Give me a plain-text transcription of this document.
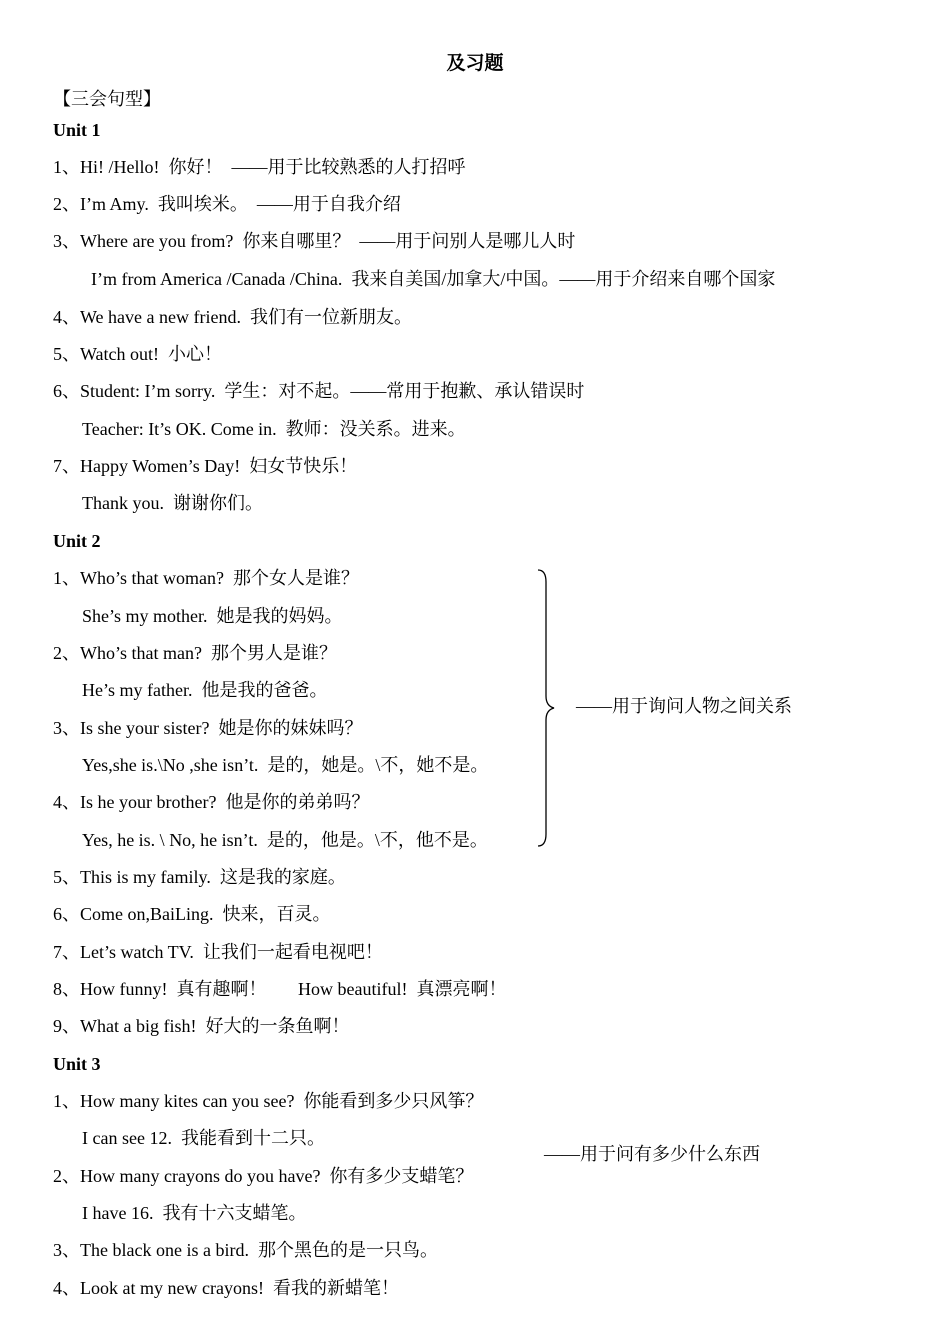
及习题
【三会句型】
Unit 1
1、Hi! /Hello!  你好！  ——用于比较熟悉的人打招呼
2、I’m Amy.  我叫埃米。  ——用于自我介绍
3、Where are you from?  你来自哪里？  ——用于问别人是哪儿人时
I’m from America /Canada /China.  我来自美国/加拿大/中国。——用于介绍来自哪个国家
4、We have a new friend.  我们有一位新朋友。
5、Watch out!  小心！
6、Student: I’m sorry.  学生：对不起。——常用于抱歉、承认错误时
Teacher: It’s OK. Come in.  教师：没关系。进来。
7、Happy Women’s Day!  妇女节快乐！
Thank you.  谢谢你们。
Unit 2
1、Who’s that woman?  那个女人是谁？
She’s my mother.  她是我的妈妈。
2、Who’s that man?  那个男人是谁？
He’s my father.  他是我的爸爸。
3、Is she your sister?  她是你的妹妹吗？
Yes,she is.\No ,she isn’t.  是的，她是。\不，她不是。
4、Is he your brother?  他是你的弟弟吗？
Yes, he is. \ No, he isn’t.  是的，他是。\不，他不是。
5、This is my family.  这是我的家庭。
6、Come on,BaiLing.  快来，百灵。
7、Let’s watch TV.  让我们一起看电视吧！
8、How funny!  真有趣啊！       How beautiful!  真漂亮啊！
9、What a big fish!  好大的一条鱼啊！
——用于询问人物之间关系
Unit 3
1、How many kites can you see?  你能看到多少只风筝？
I can see 12.  我能看到十二只。
2、How many crayons do you have?  你有多少支蜡笔？
I have 16.  我有十六支蜡笔。
3、The black one is a bird.  那个黑色的是一只鸟。
4、Look at my new crayons!  看我的新蜡笔！
——用于问有多少什么东西
